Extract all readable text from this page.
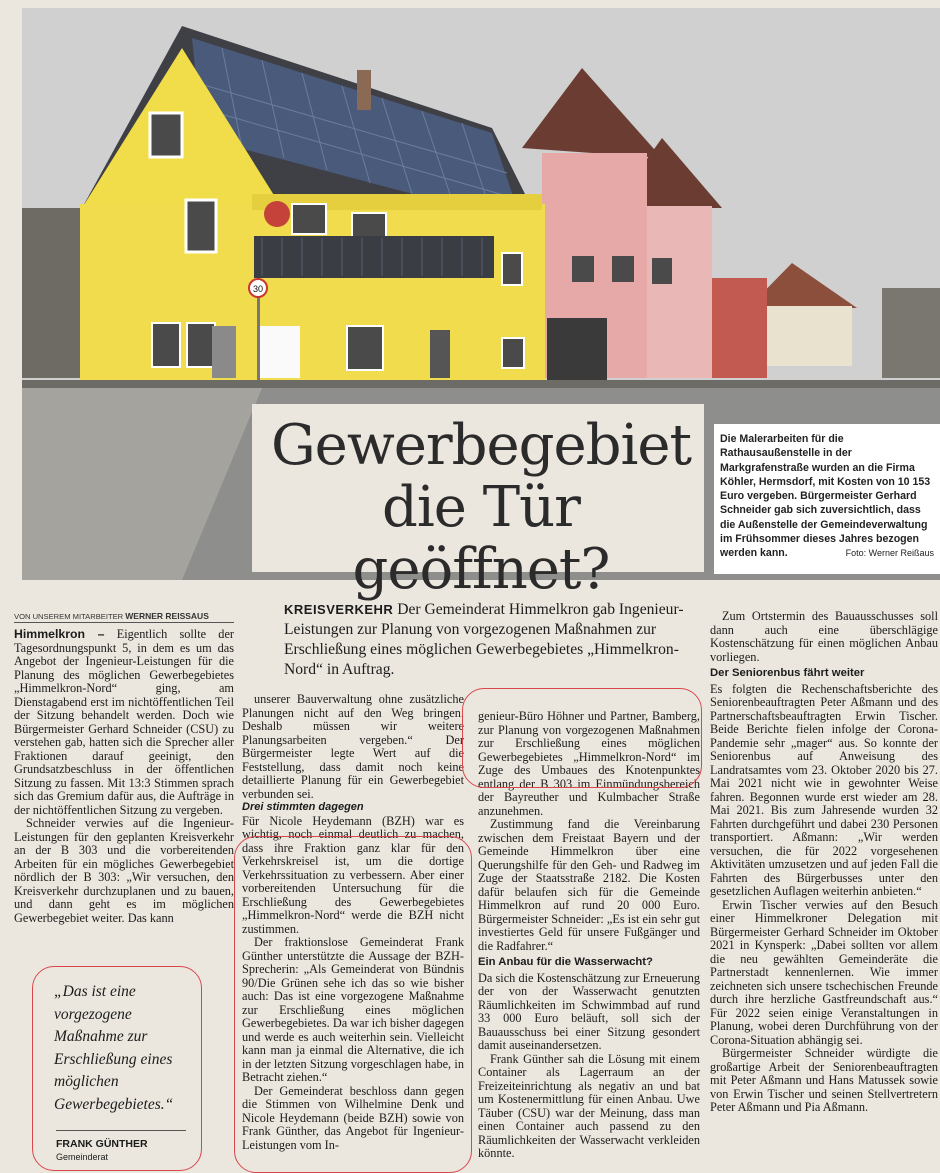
30
Gewerbegebiet
die Tür geöffnet?
Die Malerarbeiten für die Rathausaußenstelle in der Markgrafenstraße wurden an die Firma Köhler, Hermsdorf, mit Kosten von 10 153 Euro vergeben. Bürgermeister Gerhard Schneider gab sich zuversichtlich, dass die Außenstelle der Gemeindeverwaltung im Frühsommer dieses Jahres bezogen werden kann.	Foto: Werner Reißaus
VON UNSEREM MITARBEITER WERNER REISSAUS	KREISVERKEHR Der Gemeinderat Himmelkron gab Ingenieur-Leistungen zur Planung von vorgezogenen Maßnahmen zur Erschließung eines möglichen Gewerbegebietes „Himmelkron-Nord“ in Auftrag.

Himmelkron – Eigentlich sollte der Tagesordnungspunkt 5, in dem es um das Angebot der Ingenieur-Leistungen für die Planung des möglichen Gewerbegebietes „Himmelkron-Nord“ ging, am Dienstagabend erst im nichtöffentlichen Teil der Sitzung behandelt werden. Doch wie Bürgermeister Gerhard Schneider (CSU) zu verstehen gab, hatten sich die Sprecher aller Fraktionen darauf geeinigt, den Grundsatzbeschluss in der öffentlichen Sitzung zu fassen. Mit 13:3 Stimmen sprach sich das Gremium dafür aus, die Aufträge in der nichtöffentlichen Sitzung zu vergeben.

Schneider verwies auf die Ingenieur-Leistungen für den geplanten Kreisverkehr an der B 303 und die vorbereitenden Arbeiten für ein mögliches Gewerbegebiet nördlich der B 303: „Wir versuchen, den Kreisverkehr durchzuplanen und zu bauen, und dann geht es im möglichen Gewerbegebiet weiter. Das kann

„Das ist eine vorgezogene Maßnahme zur Erschließung eines möglichen Gewerbegebietes.“
FRANK GÜNTHER
Gemeinderat

unserer Bauverwaltung ohne zusätzliche Planungen nicht auf den Weg bringen. Deshalb müssen wir weitere Planungsarbeiten vergeben.“ Der Bürgermeister legte Wert auf die Feststellung, dass damit noch keine detaillierte Planung für ein Gewerbegebiet verbunden sei.

Drei stimmten dagegen

Für Nicole Heydemann (BZH) war es wichtig, noch einmal deutlich zu machen, dass ihre Fraktion ganz klar für den Verkehrskreisel ist, um die dortige Verkehrssituation zu verbessern. Aber einer vorbereitenden Untersuchung für die Erschließung des Gewerbegebietes „Himmelkron-Nord“ werde die BZH nicht zustimmen.

Der fraktionslose Gemeinderat Frank Günther unterstützte die Aussage der BZH-Sprecherin: „Als Gemeinderat von Bündnis 90/Die Grünen sehe ich das so wie bisher auch: Das ist eine vorgezogene Maßnahme zur Erschließung eines möglichen Gewerbegebietes. Da war ich bisher dagegen und werde es auch weiterhin sein. Vielleicht kann man ja einmal die Alternative, die ich in der letzten Sitzung vorgeschlagen habe, in Betracht ziehen.“

Der Gemeinderat beschloss dann gegen die Stimmen von Wilhelmine Denk und Nicole Heydemann (beide BZH) sowie von Frank Günther, das Angebot für Ingenieur-Leistungen vom In-

genieur-Büro Höhner und Partner, Bamberg, zur Planung von vorgezogenen Maßnahmen zur Erschließung eines möglichen Gewerbegebietes „Himmelkron-Nord“ im Zuge des Umbaues des Knotenpunktes entlang der B 303 im Einmündungsbereich der Bayreuther und Kulmbacher Straße anzunehmen.

Zustimmung fand die Vereinbarung zwischen dem Freistaat Bayern und der Gemeinde Himmelkron über eine Querungshilfe für den Geh- und Radweg im Zuge der Staatsstraße 2182. Die Kosten dafür belaufen sich für die Gemeinde Himmelkron auf rund 20 000 Euro. Bürgermeister Schneider: „Es ist ein sehr gut investiertes Geld für unsere Fußgänger und die Radfahrer.“

Ein Anbau für die Wasserwacht?

Da sich die Kostenschätzung zur Erneuerung der von der Wasserwacht genutzten Räumlichkeiten im Schwimmbad auf rund 33 000 Euro beläuft, soll sich der Bauausschuss bei einer Sitzung gesondert damit auseinandersetzen.

Frank Günther sah die Lösung mit einem Container als Lagerraum an der Freizeiteinrichtung als negativ an und bat um Kostenermittlung für einen Anbau. Uwe Täuber (CSU) war der Meinung, dass man einen Container auch passend zu den Räumlichkeiten der Wasserwacht verkleiden könnte.

Zum Ortstermin des Bauausschusses soll dann auch eine überschlägige Kostenschätzung für einen möglichen Anbau vorliegen.

Der Seniorenbus fährt weiter

Es folgten die Rechenschaftsberichte des Seniorenbeauftragten Peter Aßmann und des Partnerschaftsbeauftragten Erwin Tischer. Beide Berichte fielen infolge der Corona-Pandemie sehr „mager“ aus. So konnte der Seniorenbus auf Anweisung des Landratsamtes vom 23. Oktober 2020 bis 27. Mai 2021 nicht wie in gewohnter Weise fahren. Begonnen wurde erst wieder am 28. Mai 2021. Bis zum Jahresende wurden 32 Fahrten durchgeführt und dabei 230 Personen transportiert. Aßmann: „Wir werden versuchen, die für 2022 vorgesehenen Aktivitäten umzusetzen und auf jeden Fall die Fahrten des Bürgerbusses unter den gesetzlichen Auflagen weiterhin anbieten.“

Erwin Tischer verwies auf den Besuch einer Himmelkroner Delegation mit Bürgermeister Gerhard Schneider im Oktober 2021 in Kynsperk: „Dabei sollten vor allem die neu gewählten Gemeinderäte die Partnerstadt kennenlernen. Wie immer zeichneten sich unsere tschechischen Freunde durch ihre herzliche Gastfreundschaft aus.“ Für 2022 seien einige Veranstaltungen in Planung, wobei deren Durchführung von der Corona-Situation abhängig sei.

Bürgermeister Schneider würdigte die großartige Arbeit der Seniorenbeauftragten mit Peter Aßmann und Hans Matussek sowie von Erwin Tischer und seinen Stellvertretern Peter Aßmann und Pia Aßmann.
